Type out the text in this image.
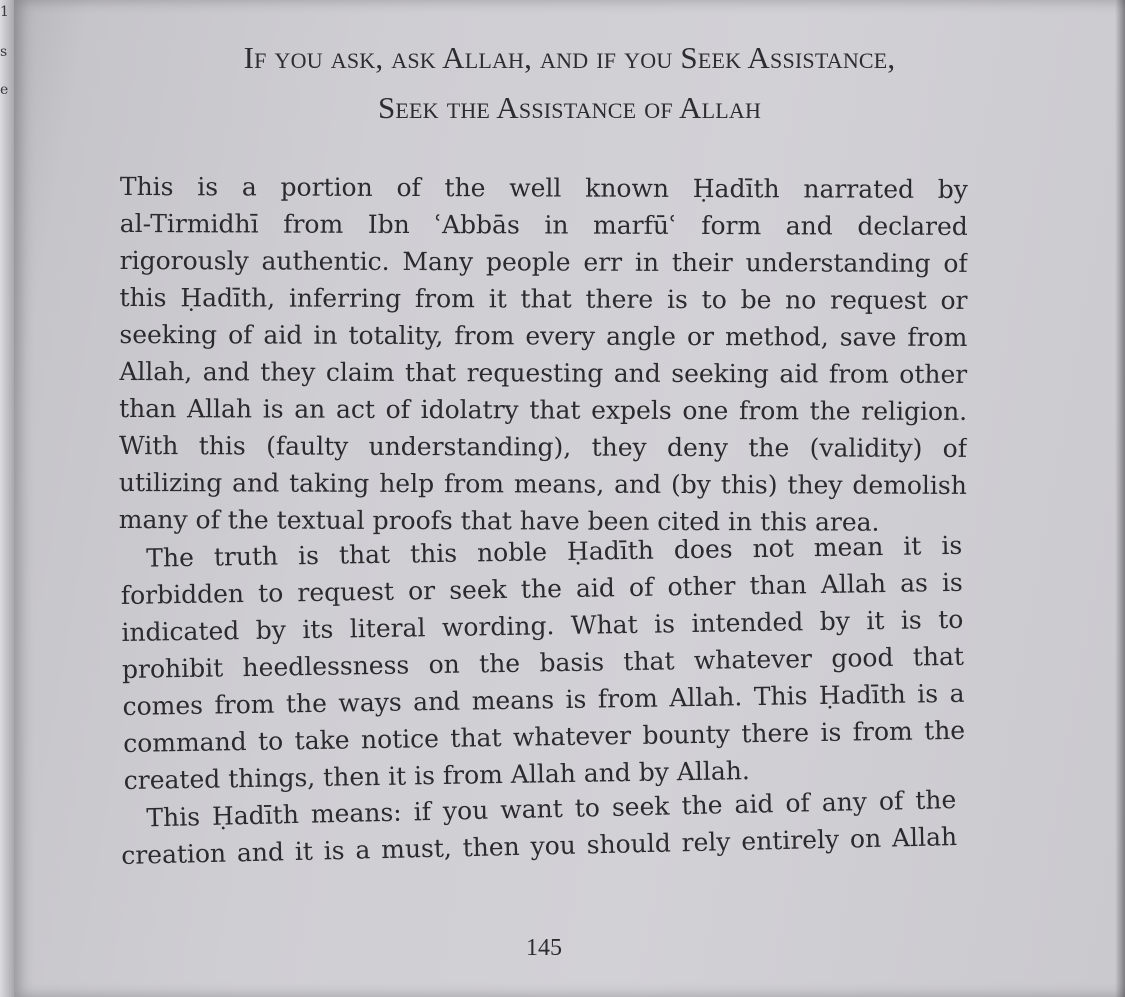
1
s
e
If you ask, ask Allah, and if you Seek Assistance,
Seek the Assistance of Allah
This is a portion of the well known Ḥadīth narrated by
al-Tirmidhī from Ibn ʿAbbās in marfūʿ form and declared
rigorously authentic. Many people err in their understanding of
this Ḥadīth, inferring from it that there is to be no request or
seeking of aid in totality, from every angle or method, save from
Allah, and they claim that requesting and seeking aid from other
than Allah is an act of idolatry that expels one from the religion.
With this (faulty understanding), they deny the (validity) of
utilizing and taking help from means, and (by this) they demolish
many of the textual proofs that have been cited in this area.
The truth is that this noble Ḥadīth does not mean it is
forbidden to request or seek the aid of other than Allah as is
indicated by its literal wording. What is intended by it is to
prohibit heedlessness on the basis that whatever good that
comes from the ways and means is from Allah. This Ḥadīth is a
command to take notice that whatever bounty there is from the
created things, then it is from Allah and by Allah.
This Ḥadīth means: if you want to seek the aid of any of the
creation and it is a must, then you should rely entirely on Allah
145
